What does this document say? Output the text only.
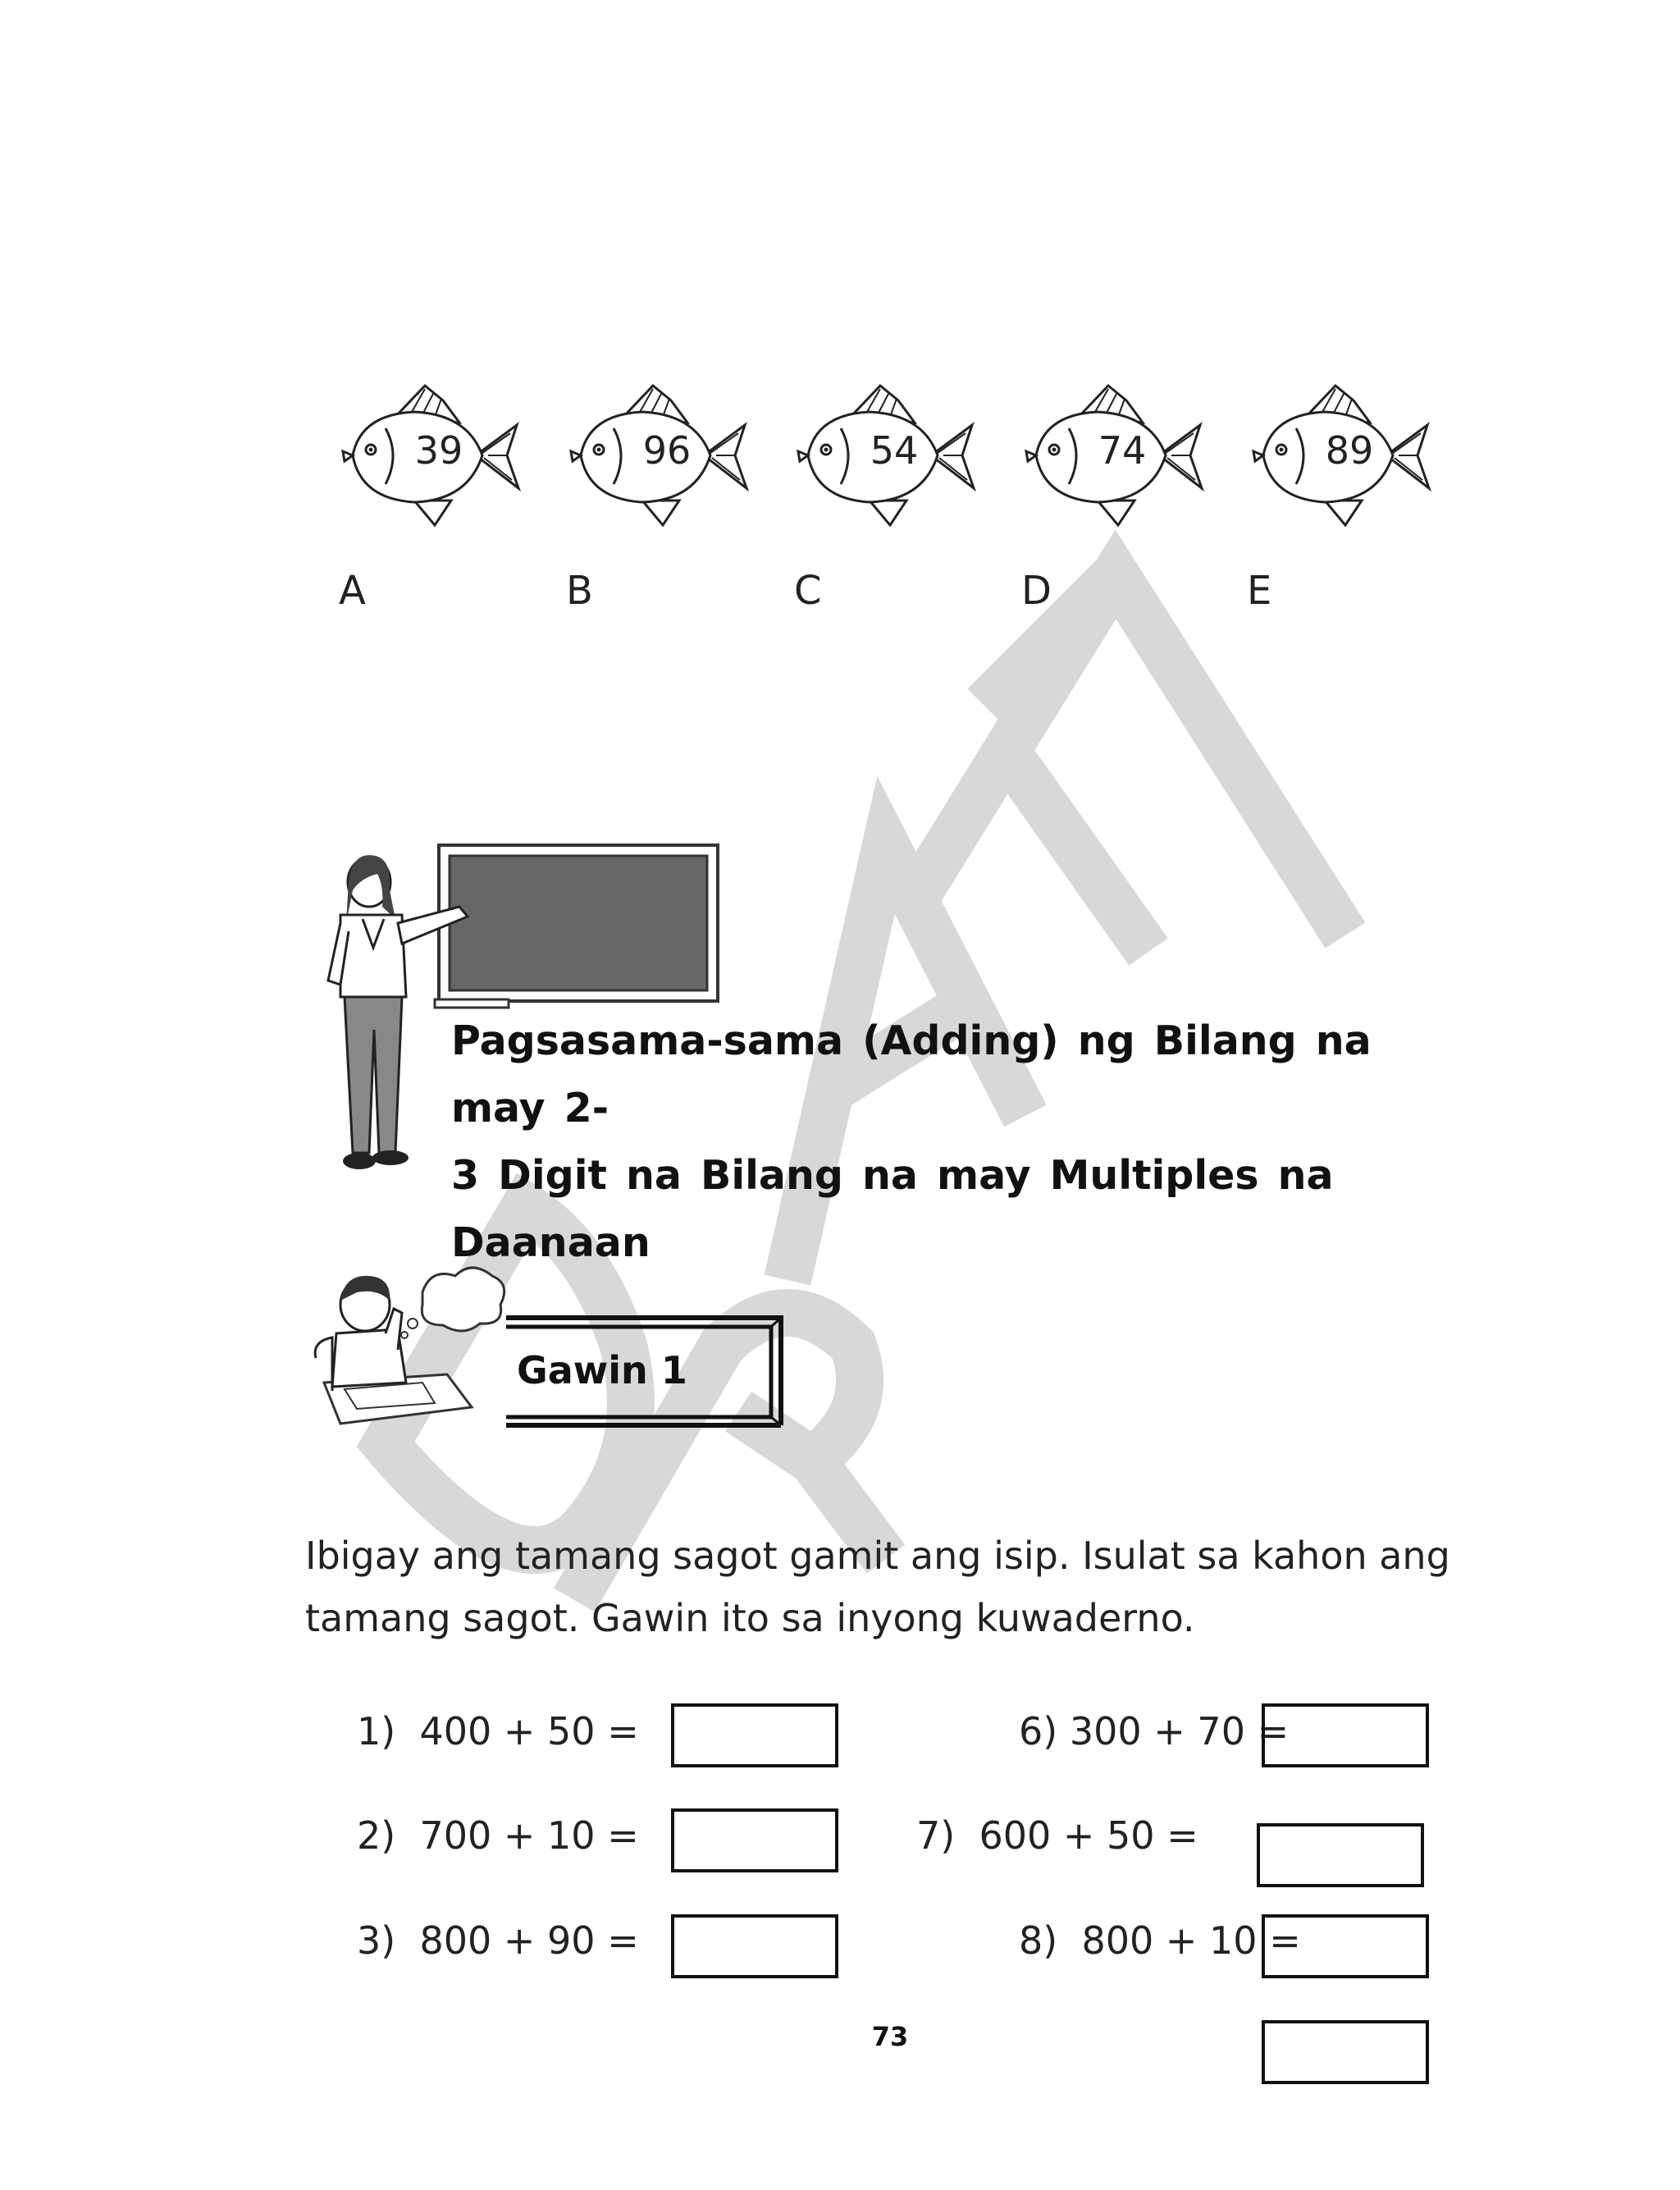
39	96	54	74	89
A	B	C	D	E
Pagsasama-sama (Adding) ng Bilang na may 2-
3 Digit na Bilang na may Multiples na Daanaan
Gawin 1
Ibigay ang tamang sagot gamit ang isip. Isulat sa kahon ang
tamang sagot. Gawin ito sa inyong kuwaderno.
1)  400 + 50 =
2)  700 + 10 =
3)  800 + 90 =
6) 300 + 70 =
7)  600 + 50 =
8)  800 + 10 =
73
